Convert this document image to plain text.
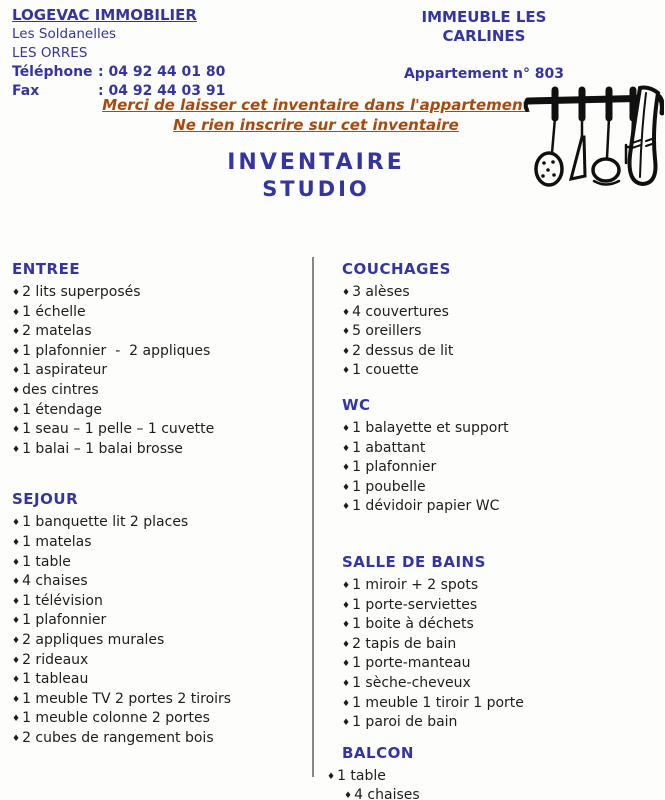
LOGEVAC IMMOBILIER
Les Soldanelles
LES ORRES
Téléphone : 04 92 44 01 80
Fax	: 04 92 44 03 91
IMMEUBLE LES CARLINES
Appartement n° 803
Merci de laisser cet inventaire dans l'appartement
Ne rien inscrire sur cet inventaire
INVENTAIRE
STUDIO
ENTREE
♦ 2 lits superposés
♦ 1 échelle
♦ 2 matelas
♦ 1 plafonnier  -  2 appliques
♦ 1 aspirateur
♦ des cintres
♦ 1 étendage
♦ 1 seau – 1 pelle – 1 cuvette
♦ 1 balai – 1 balai brosse
SEJOUR
♦ 1 banquette lit 2 places
♦ 1 matelas
♦ 1 table
♦ 4 chaises
♦ 1 télévision
♦ 1 plafonnier
♦ 2 appliques murales
♦ 2 rideaux
♦ 1 tableau
♦ 1 meuble TV 2 portes 2 tiroirs
♦ 1 meuble colonne 2 portes
♦ 2 cubes de rangement bois
COUCHAGES
♦ 3 alèses
♦ 4 couvertures
♦ 5 oreillers
♦ 2 dessus de lit
♦ 1 couette
WC
♦ 1 balayette et support
♦ 1 abattant
♦ 1 plafonnier
♦ 1 poubelle
♦ 1 dévidoir papier WC
SALLE DE BAINS
♦ 1 miroir + 2 spots
♦ 1 porte-serviettes
♦ 1 boite à déchets
♦ 2 tapis de bain
♦ 1 porte-manteau
♦ 1 sèche-cheveux
♦ 1 meuble 1 tiroir 1 porte
♦ 1 paroi de bain
BALCON
♦ 1 table
♦ 4 chaises
